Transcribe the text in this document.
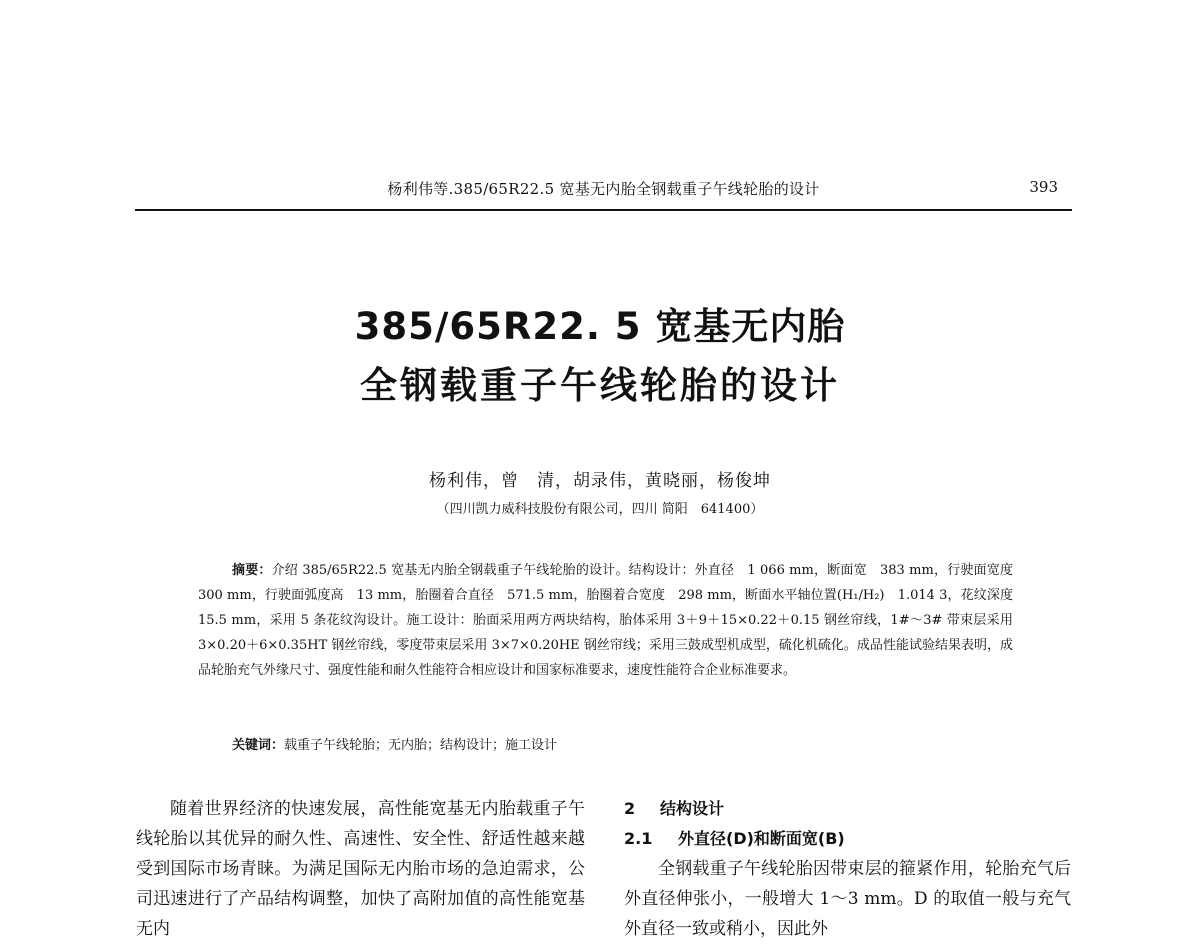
杨利伟等.385/65R22.5 宽基无内胎全钢载重子午线轮胎的设计	393
385/65R22. 5 宽基无内胎
全钢载重子午线轮胎的设计
杨利伟，曾　清，胡录伟，黄晓丽，杨俊坤
（四川凯力威科技股份有限公司，四川 简阳　641400）

摘要：介绍 385/65R22.5 宽基无内胎全钢载重子午线轮胎的设计。结构设计：外直径　1 066 mm，断面宽　383 mm，行驶面宽度　300 mm，行驶面弧度高　13 mm，胎圈着合直径　571.5 mm，胎圈着合宽度　298 mm，断面水平轴位置(H₁/H₂)　1.014 3，花纹深度　15.5 mm，采用 5 条花纹沟设计。施工设计：胎面采用两方两块结构，胎体采用 3＋9＋15×0.22＋0.15 钢丝帘线，1#～3# 带束层采用 3×0.20＋6×0.35HT 钢丝帘线，零度带束层采用 3×7×0.20HE 钢丝帘线；采用三鼓成型机成型，硫化机硫化。成品性能试验结果表明，成品轮胎充气外缘尺寸、强度性能和耐久性能符合相应设计和国家标准要求，速度性能符合企业标准要求。

关键词：载重子午线轮胎；无内胎；结构设计；施工设计

随着世界经济的快速发展，高性能宽基无内胎载重子午线轮胎以其优异的耐久性、高速性、安全性、舒适性越来越受到国际市场青睐。为满足国际无内胎市场的急迫需求，公司迅速进行了产品结构调整，加快了高附加值的高性能宽基无内

2 结构设计
2.1 外直径(D)和断面宽(B)

全钢载重子午线轮胎因带束层的箍紧作用，轮胎充气后外直径伸张小，一般增大 1～3 mm。D 的取值一般与充气外直径一致或稍小，因此外
